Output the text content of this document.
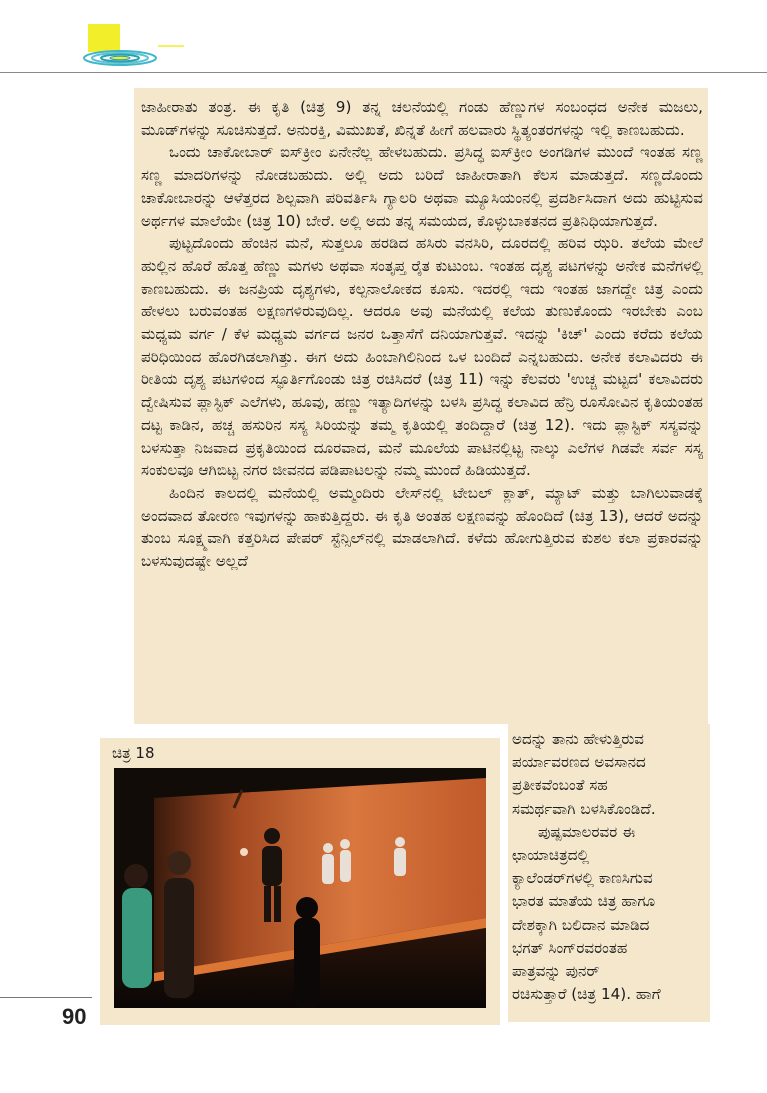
ಜಾಹೀರಾತು ತಂತ್ರ. ಈ ಕೃತಿ (ಚಿತ್ರ 9) ತನ್ನ ಚಲನೆಯಲ್ಲಿ ಗಂಡು ಹೆಣ್ಣುಗಳ ಸಂಬಂಧದ ಅನೇಕ ಮಜಲು, ಮೂಡ್‌ಗಳನ್ನು ಸೂಚಿಸುತ್ತದೆ. ಅನುರಕ್ತಿ, ವಿಮುಖತೆ, ಖಿನ್ನತೆ ಹೀಗೆ ಹಲವಾರು ಸ್ಥಿತ್ಯಂತರಗಳನ್ನು ಇಲ್ಲಿ ಕಾಣಬಹುದು.

ಒಂದು ಚಾಕೋಬಾರ್ ಐಸ್‌ಕ್ರೀಂ ಏನೇನೆಲ್ಲ ಹೇಳಬಹುದು. ಪ್ರಸಿದ್ಧ ಐಸ್‌ಕ್ರೀಂ ಅಂಗಡಿಗಳ ಮುಂದೆ ಇಂತಹ ಸಣ್ಣ ಸಣ್ಣ ಮಾದರಿಗಳನ್ನು ನೋಡಬಹುದು. ಅಲ್ಲಿ ಅದು ಬರಿದೆ ಜಾಹೀರಾತಾಗಿ ಕೆಲಸ ಮಾಡುತ್ತದೆ. ಸಣ್ಣದೊಂದು ಚಾಕೋಬಾರನ್ನು ಆಳೆತ್ತರದ ಶಿಲ್ಪವಾಗಿ ಪರಿವರ್ತಿಸಿ ಗ್ಯಾಲರಿ ಅಥವಾ ಮ್ಯೂಸಿಯಂನಲ್ಲಿ ಪ್ರದರ್ಶಿಸಿದಾಗ ಅದು ಹುಟ್ಟಿಸುವ ಅರ್ಥಗಳ ಮಾಲೆಯೇ (ಚಿತ್ರ 10) ಬೇರೆ. ಅಲ್ಲಿ ಅದು ತನ್ನ ಸಮಯದ, ಕೊಳ್ಳುಬಾಕತನದ ಪ್ರತಿನಿಧಿಯಾಗುತ್ತದೆ.

ಪುಟ್ಟದೊಂದು ಹೆಂಚಿನ ಮನೆ, ಸುತ್ತಲೂ ಹರಡಿದ ಹಸಿರು ವನಸಿರಿ, ದೂರದಲ್ಲಿ ಹರಿವ ಝರಿ. ತಲೆಯ ಮೇಲೆ ಹುಲ್ಲಿನ ಹೊರೆ ಹೊತ್ತ ಹೆಣ್ಣು ಮಗಳು ಅಥವಾ ಸಂತೃಪ್ತ ರೈತ ಕುಟುಂಬ. ಇಂತಹ ದೃಶ್ಯ ಪಟಗಳನ್ನು ಅನೇಕ ಮನೆಗಳಲ್ಲಿ ಕಾಣಬಹುದು. ಈ ಜನಪ್ರಿಯ ದೃಶ್ಯಗಳು, ಕಲ್ಪನಾಲೋಕದ ಕೂಸು. ಇದರಲ್ಲಿ ಇದು ಇಂತಹ ಜಾಗದ್ದೇ ಚಿತ್ರ ಎಂದು ಹೇಳಲು ಬರುವಂತಹ ಲಕ್ಷಣಗಳಿರುವುದಿಲ್ಲ. ಆದರೂ ಅವು ಮನೆಯಲ್ಲಿ ಕಲೆಯ ತುಣುಕೊಂದು ಇರಬೇಕು ಎಂಬ ಮಧ್ಯಮ ವರ್ಗ / ಕೆಳ ಮಧ್ಯಮ ವರ್ಗದ ಜನರ ಒತ್ತಾಸೆಗೆ ದನಿಯಾಗುತ್ತವೆ. ಇದನ್ನು 'ಕಿಚ್' ಎಂದು ಕರೆದು ಕಲೆಯ ಪರಿಧಿಯಿಂದ ಹೊರಗಿಡಲಾಗಿತ್ತು. ಈಗ ಅದು ಹಿಂಬಾಗಿಲಿನಿಂದ ಒಳ ಬಂದಿದೆ ಎನ್ನಬಹುದು. ಅನೇಕ ಕಲಾವಿದರು ಈ ರೀತಿಯ ದೃಶ್ಯ ಪಟಗಳಿಂದ ಸ್ಫೂರ್ತಿಗೊಂಡು ಚಿತ್ರ ರಚಿಸಿದರೆ (ಚಿತ್ರ 11) ಇನ್ನು ಕೆಲವರು 'ಉಚ್ಚ ಮಟ್ಟದ' ಕಲಾವಿದರು ದ್ವೇಷಿಸುವ ಪ್ಲಾಸ್ಟಿಕ್ ಎಲೆಗಳು, ಹೂವು, ಹಣ್ಣು ಇತ್ಯಾದಿಗಳನ್ನು ಬಳಸಿ ಪ್ರಸಿದ್ಧ ಕಲಾವಿದ ಹೆನ್ರಿ ರೂಸೋವಿನ ಕೃತಿಯಂತಹ ದಟ್ಟ ಕಾಡಿನ, ಹಚ್ಚ ಹಸುರಿನ ಸಸ್ಯ ಸಿರಿಯನ್ನು ತಮ್ಮ ಕೃತಿಯಲ್ಲಿ ತಂದಿದ್ದಾರೆ (ಚಿತ್ರ 12). ಇದು ಪ್ಲಾಸ್ಟಿಕ್ ಸಸ್ಯವನ್ನು ಬಳಸುತ್ತಾ ನಿಜವಾದ ಪ್ರಕೃತಿಯಿಂದ ದೂರವಾದ, ಮನೆ ಮೂಲೆಯ ಪಾಟಿನಲ್ಲಿಟ್ಟ ನಾಲ್ಕು ಎಲೆಗಳ ಗಿಡವೇ ಸರ್ವ ಸಸ್ಯ ಸಂಕುಲವೂ ಆಗಿಬಿಟ್ಟ ನಗರ ಜೀವನದ ಪಡಿಪಾಟಲನ್ನು ನಮ್ಮ ಮುಂದೆ ಹಿಡಿಯುತ್ತದೆ.

ಹಿಂದಿನ ಕಾಲದಲ್ಲಿ ಮನೆಯಲ್ಲಿ ಅಮ್ಮಂದಿರು ಲೇಸ್‌ನಲ್ಲಿ ಟೇಬಲ್ ಕ್ಲಾತ್, ಮ್ಯಾಟ್ ಮತ್ತು ಬಾಗಿಲುವಾಡಕ್ಕೆ ಅಂದವಾದ ತೋರಣ ಇವುಗಳನ್ನು ಹಾಕುತ್ತಿದ್ದರು. ಈ ಕೃತಿ ಅಂತಹ ಲಕ್ಷಣವನ್ನು ಹೊಂದಿದೆ (ಚಿತ್ರ 13), ಆದರೆ ಅದನ್ನು ತುಂಬ ಸೂಕ್ಷ್ಮವಾಗಿ ಕತ್ತರಿಸಿದ ಪೇಪರ್ ಸ್ಟೆನ್ಸಿಲ್‌ನಲ್ಲಿ ಮಾಡಲಾಗಿದೆ. ಕಳೆದು ಹೋಗುತ್ತಿರುವ ಕುಶಲ ಕಲಾ ಪ್ರಕಾರವನ್ನು ಬಳಸುವುದಷ್ಟೇ ಅಲ್ಲದೆ

ಚಿತ್ರ 18
ಅದನ್ನು ತಾನು ಹೇಳುತ್ತಿರುವ
ಪರ್ಯಾವರಣದ ಅವಸಾನದ
ಪ್ರತೀಕವೆಂಬಂತೆ ಸಹ
ಸಮರ್ಥವಾಗಿ ಬಳಸಿಕೊಂಡಿದೆ.
ಪುಷ್ಪಮಾಲರವರ ಈ
ಛಾಯಾಚಿತ್ರದಲ್ಲಿ
ಕ್ಯಾಲೆಂಡರ್‌ಗಳಲ್ಲಿ ಕಾಣಸಿಗುವ
ಭಾರತ ಮಾತೆಯ ಚಿತ್ರ ಹಾಗೂ
ದೇಶಕ್ಕಾಗಿ ಬಲಿದಾನ ಮಾಡಿದ
ಭಗತ್ ಸಿಂಗ್‌ರವರಂತಹ
ಪಾತ್ರವನ್ನು ಪುನರ್
ರಚಿಸುತ್ತಾರೆ (ಚಿತ್ರ 14). ಹಾಗೆ
90
